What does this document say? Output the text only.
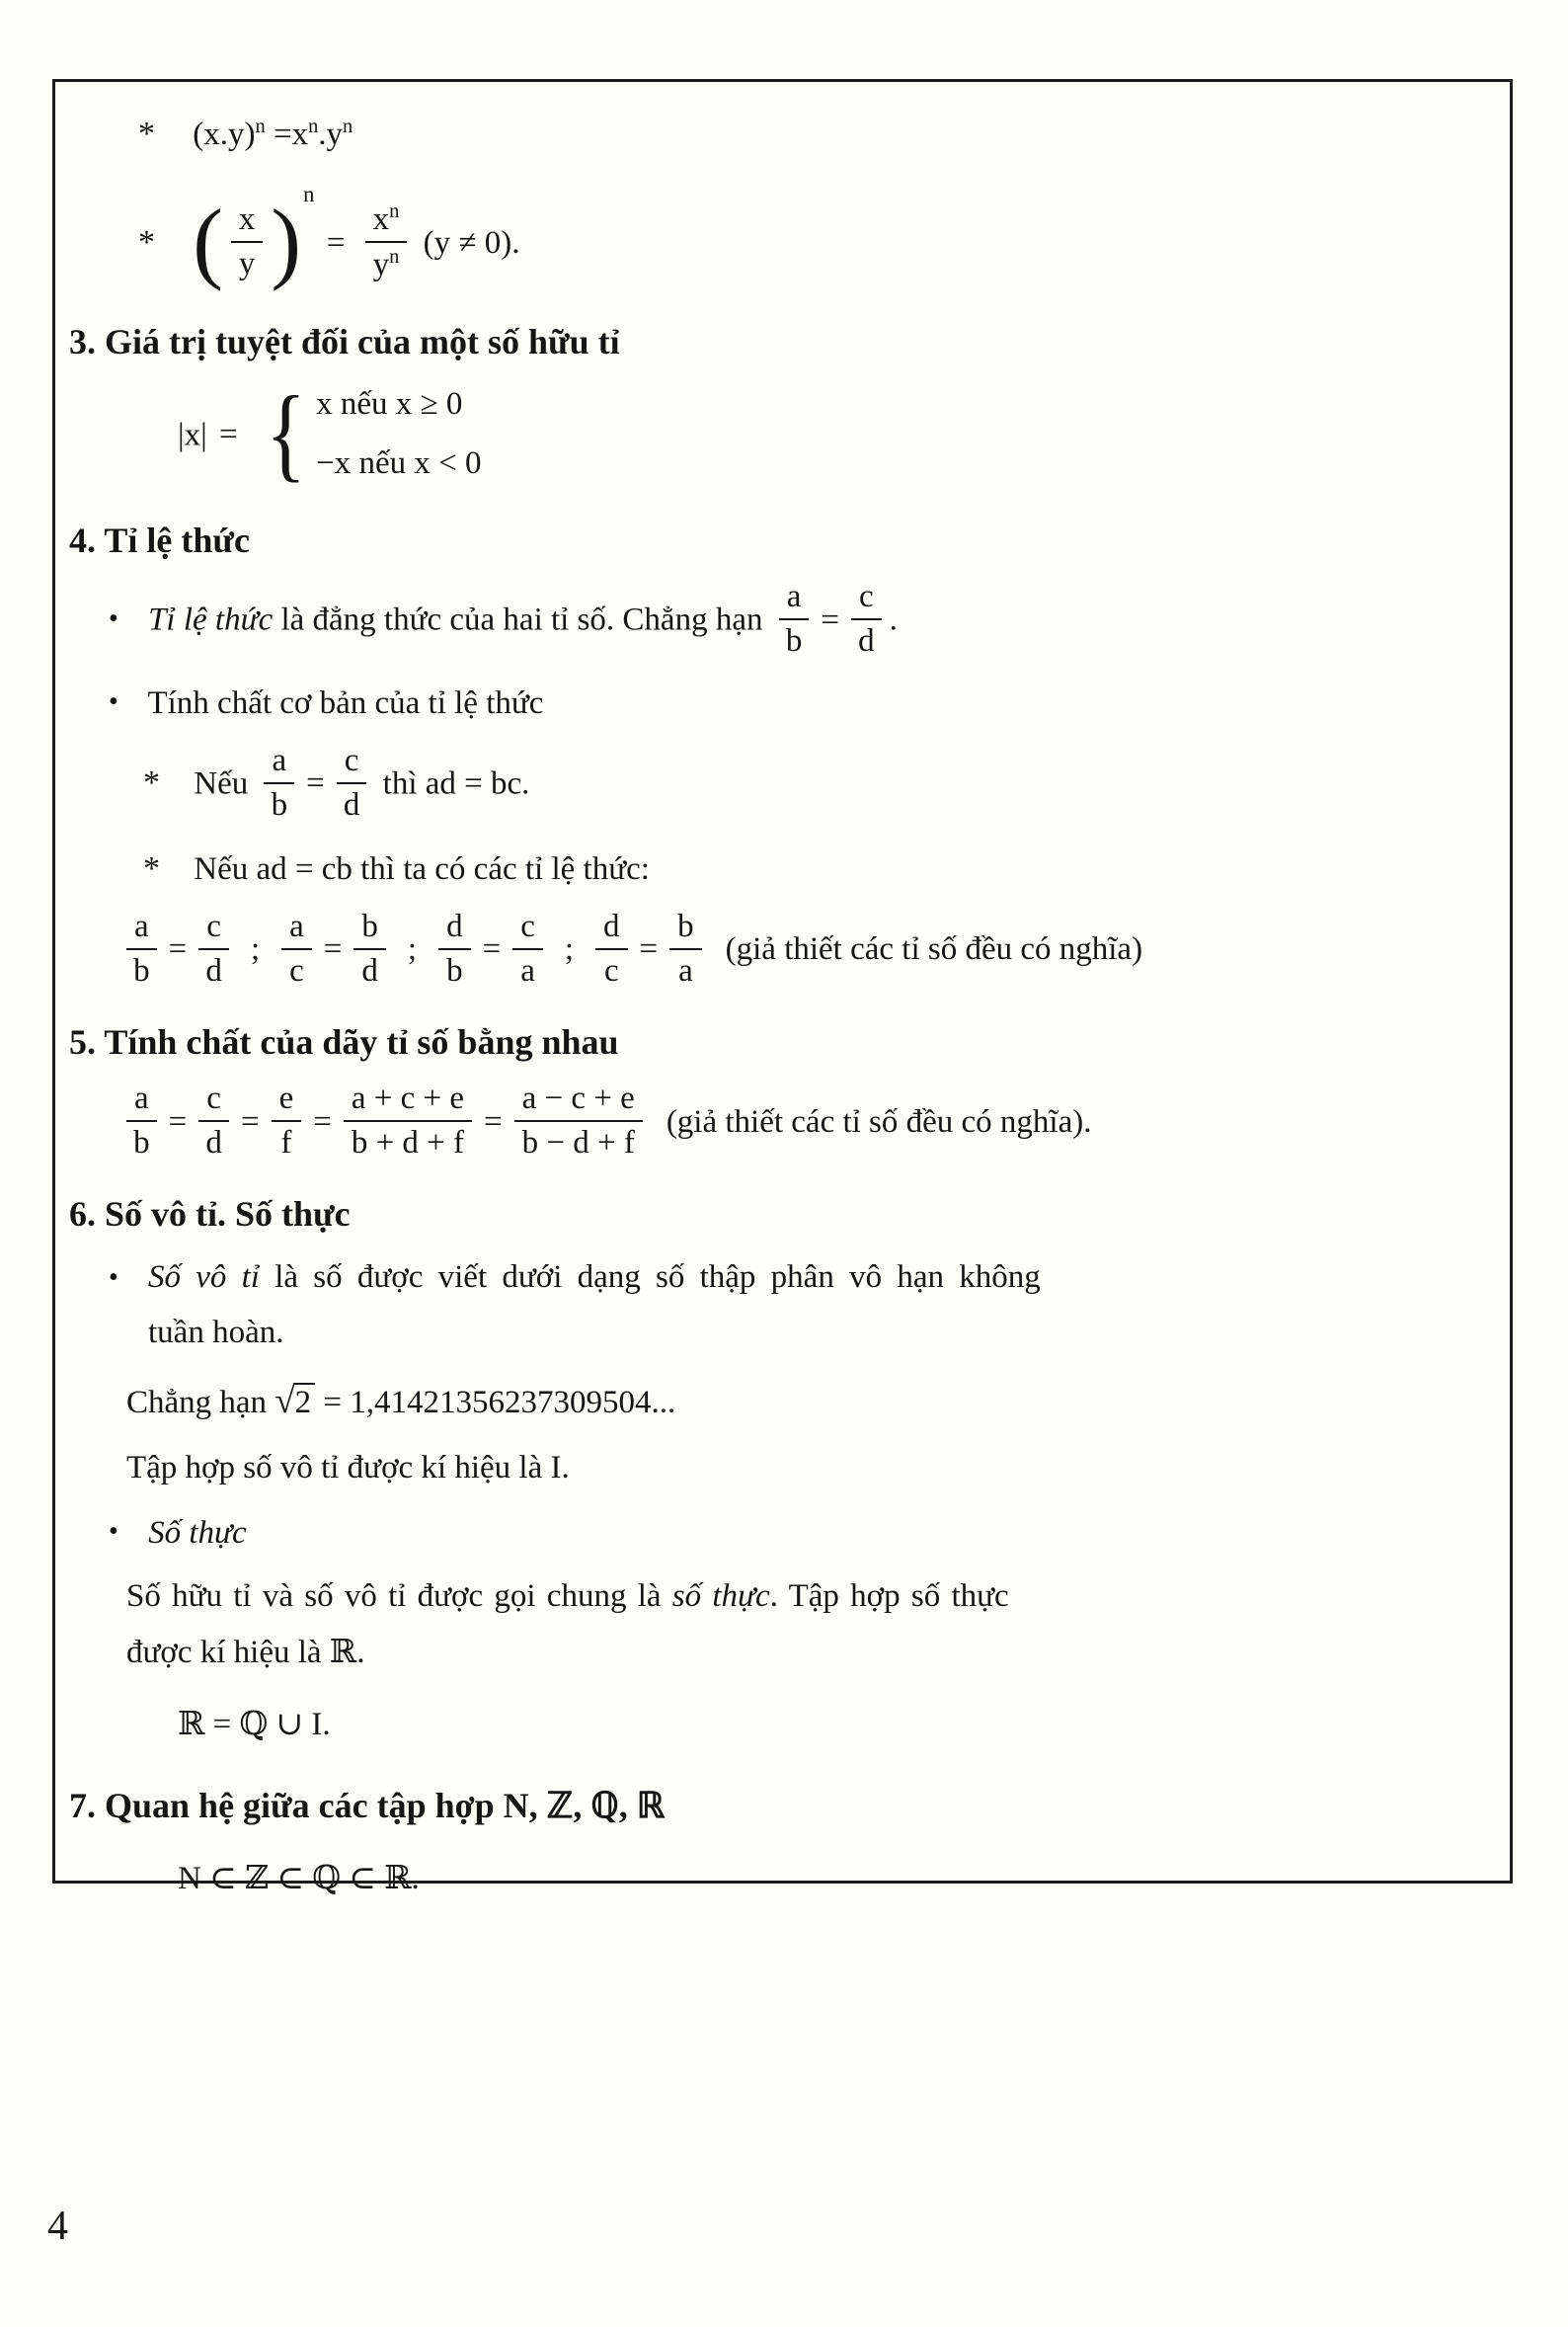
* $(x.y)^n =x^n.y^n$
* ( $\frac{x}{y} )^n = \frac{x^n}{y^n} (y \ne 0)$.
3. Giá trị tuyệt đối của một số hữu tỉ
|x| = { x nếu x ≥ 0
−x nếu x < 0
4. Tỉ lệ thức
• Tỉ lệ thức là đẳng thức của hai tỉ số. Chẳng hạn $\frac{a}{b} = \frac{c}{d}$ .
• Tính chất cơ bản của tỉ lệ thức
* Nếu $\frac{a}{b} = \frac{c}{d}$ thì ad = bc.
* Nếu ad = cb thì ta có các tỉ lệ thức:
$\frac{a}{b} = \frac{c}{d}$ ; $\frac{a}{c} = \frac{b}{d}$ ; $\frac{d}{b} = \frac{c}{a}$ ; $\frac{d}{c} = \frac{b}{a}$ (giả thiết các tỉ số đều có nghĩa)
5. Tính chất của dãy tỉ số bằng nhau
$\frac{a}{b} = \frac{c}{d} = \frac{e}{f} = \frac{a + c + e}{b + d + f} = \frac{a - c + e}{b - d + f}$ (giả thiết các tỉ số đều có nghĩa).
6. Số vô tỉ. Số thực
• Số vô tỉ là số được viết dưới dạng số thập phân vô hạn không
tuần hoàn.
Chẳng hạn √2 = 1,41421356237309504...
Tập hợp số vô tỉ được kí hiệu là I.
• Số thực
Số hữu tỉ và số vô tỉ được gọi chung là số thực. Tập hợp số thực
được kí hiệu là ℝ.
ℝ = ℚ ∪ I.
7. Quan hệ giữa các tập hợp N, ℤ, ℚ, ℝ
N ⊂ ℤ ⊂ ℚ ⊂ ℝ.
4
